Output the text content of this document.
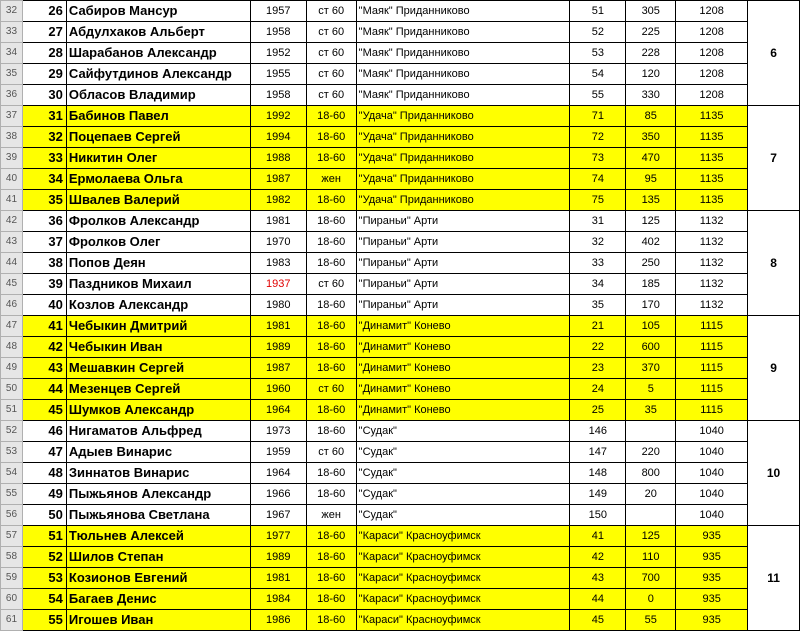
32	26	Сабиров Мансур	1957	ст 60	"Маяк" Приданниково	51	305	1208	6
33	27	Абдулхаков Альберт	1958	ст 60	"Маяк" Приданниково	52	225	1208	
34	28	Шарабанов Александр	1952	ст 60	"Маяк" Приданниково	53	228	1208	
35	29	Сайфутдинов Александр	1955	ст 60	"Маяк" Приданниково	54	120	1208	
36	30	Обласов Владимир	1958	ст 60	"Маяк" Приданниково	55	330	1208	
37	31	Бабинов Павел	1992	18-60	"Удача" Приданниково	71	85	1135	7
38	32	Поцепаев Сергей	1994	18-60	"Удача" Приданниково	72	350	1135	
39	33	Никитин Олег	1988	18-60	"Удача" Приданниково	73	470	1135	
40	34	Ермолаева Ольга	1987	жен	"Удача" Приданниково	74	95	1135	
41	35	Швалев Валерий	1982	18-60	"Удача" Приданниково	75	135	1135	
42	36	Фролков Александр	1981	18-60	"Пираньи" Арти	31	125	1132	8
43	37	Фролков Олег	1970	18-60	"Пираньи" Арти	32	402	1132	
44	38	Попов Деян	1983	18-60	"Пираньи" Арти	33	250	1132	
45	39	Паздников Михаил	1937	ст 60	"Пираньи" Арти	34	185	1132	
46	40	Козлов Александр	1980	18-60	"Пираньи" Арти	35	170	1132	
47	41	Чебыкин Дмитрий	1981	18-60	"Динамит" Конево	21	105	1115	9
48	42	Чебыкин Иван	1989	18-60	"Динамит" Конево	22	600	1115	
49	43	Мешавкин Сергей	1987	18-60	"Динамит" Конево	23	370	1115	
50	44	Мезенцев Сергей	1960	ст 60	"Динамит" Конево	24	5	1115	
51	45	Шумков Александр	1964	18-60	"Динамит" Конево	25	35	1115	
52	46	Нигаматов Альфред	1973	18-60	"Судак"	146		1040	10
53	47	Адыев Винарис	1959	ст 60	"Судак"	147	220	1040	
54	48	Зиннатов Винарис	1964	18-60	"Судак"	148	800	1040	
55	49	Пыжьянов Александр	1966	18-60	"Судак"	149	20	1040	
56	50	Пыжьянова Светлана	1967	жен	"Судак"	150		1040	
57	51	Тюльнев Алексей	1977	18-60	"Караси" Красноуфимск	41	125	935	11
58	52	Шилов Степан	1989	18-60	"Караси" Красноуфимск	42	110	935	
59	53	Козионов Евгений	1981	18-60	"Караси" Красноуфимск	43	700	935	
60	54	Багаев Денис	1984	18-60	"Караси" Красноуфимск	44	0	935	
61	55	Игошев Иван	1986	18-60	"Караси" Красноуфимск	45	55	935	
